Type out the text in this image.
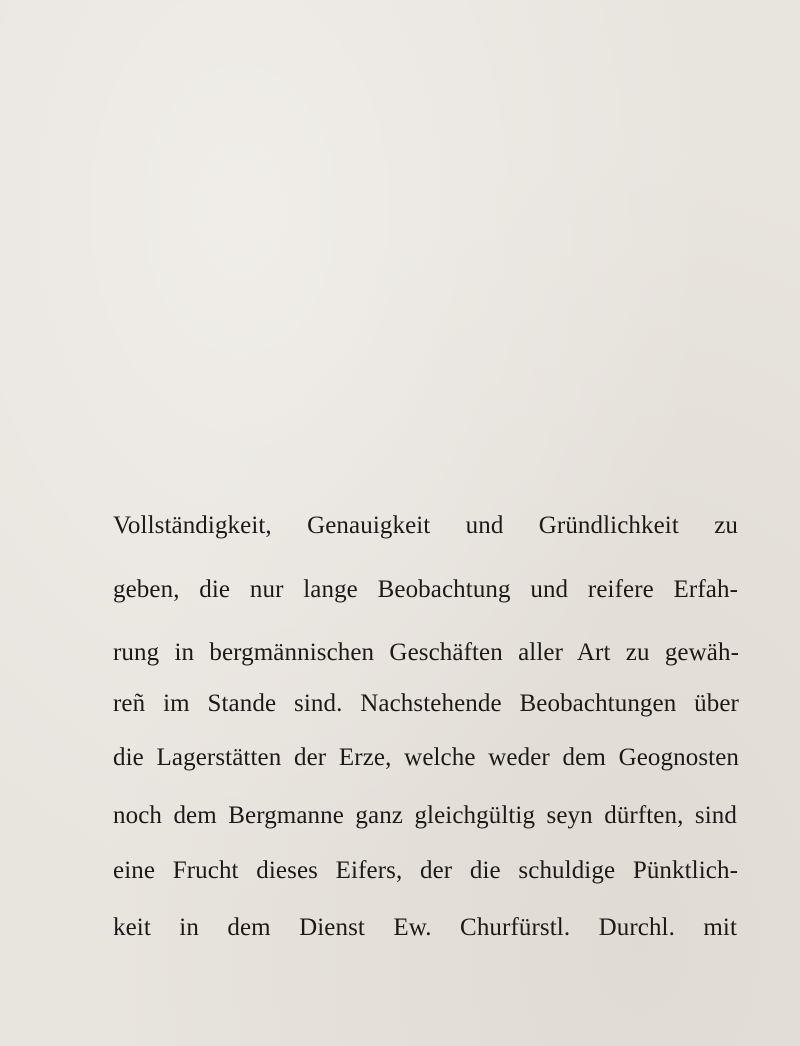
Vollständigkeit, Genauigkeit und Gründlichkeit zu
geben, die nur lange Beobachtung und reifere Erfah-
rung in bergmännischen Geschäften aller Art zu gewäh-
reñ im Stande sind. Nachstehende Beobachtungen über
die Lagerstätten der Erze, welche weder dem Geognosten
noch dem Bergmanne ganz gleichgültig seyn dürften, sind
eine Frucht dieses Eifers, der die schuldige Pünktlich-
keit in dem Dienst Ew. Churfürstl. Durchl. mit
